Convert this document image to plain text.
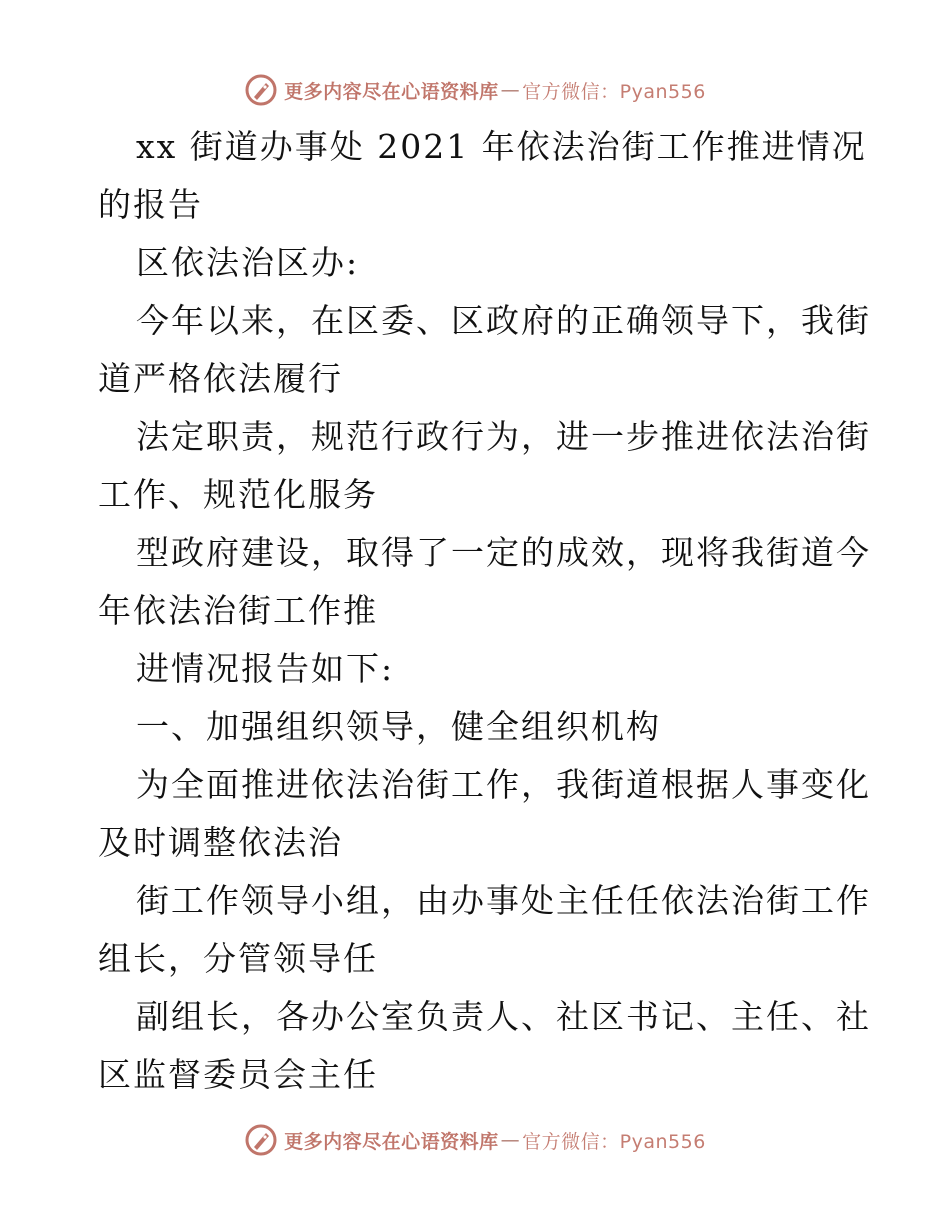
更多内容尽在心语资料库 — 官方微信：Pyan556
xx 街道办事处 2021 年依法治街工作推进情况
的报告
区依法治区办:
今年以来，在区委、区政府的正确领导下，我街
道严格依法履行
法定职责，规范行政行为，进一步推进依法治街
工作、规范化服务
型政府建设，取得了一定的成效，现将我街道今
年依法治街工作推
进情况报告如下:
一、加强组织领导，健全组织机构
为全面推进依法治街工作，我街道根据人事变化
及时调整依法治
街工作领导小组，由办事处主任任依法治街工作
组长，分管领导任
副组长，各办公室负责人、社区书记、主任、社
区监督委员会主任
更多内容尽在心语资料库 — 官方微信：Pyan556
